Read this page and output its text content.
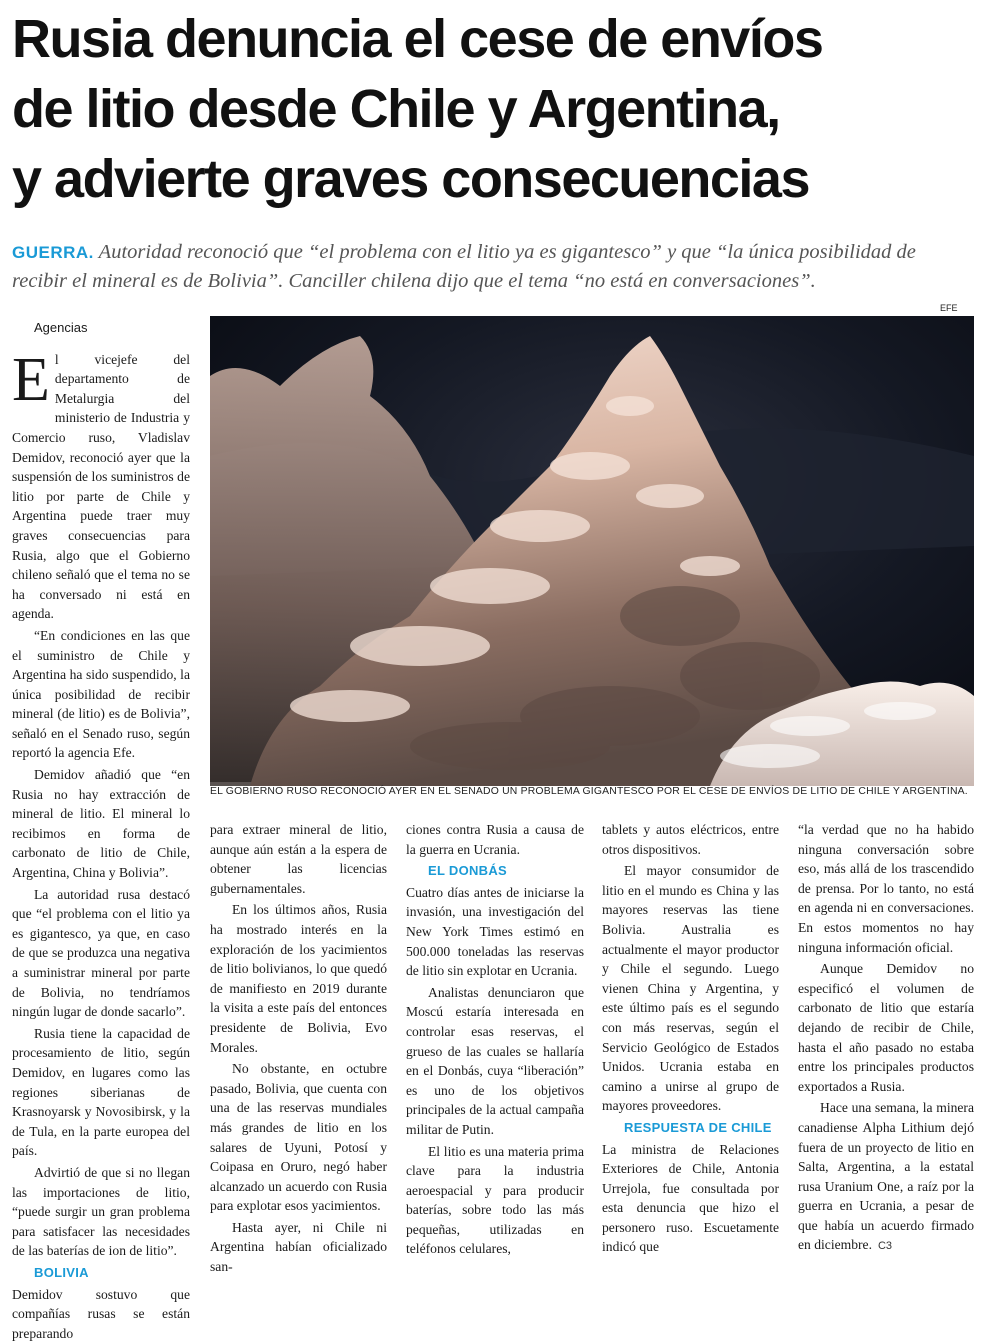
Rusia denuncia el cese de envíos
de litio desde Chile y Argentina,
y advierte graves consecuencias
GUERRA. Autoridad reconoció que “el problema con el litio ya es gigantesco” y que “la única posibilidad de recibir el mineral es de Bolivia”. Canciller chilena dijo que el tema “no está en conversaciones”.
EFE
EL GOBIERNO RUSO RECONOCIÓ AYER EN EL SENADO UN PROBLEMA GIGANTESCO POR EL CESE DE ENVÍOS DE LITIO DE CHILE Y ARGENTINA.

Agencias

El vicejefe del departamento de Metalurgia del ministerio de Industria y Comercio ruso, Vladislav Demidov, reconoció ayer que la suspensión de los suministros de litio por parte de Chile y Argentina puede traer muy graves consecuencias para Rusia, algo que el Gobierno chileno señaló que el tema no se ha conversado ni está en agenda.

“En condiciones en las que el suministro de Chile y Argentina ha sido suspendido, la única posibilidad de recibir mineral (de litio) es de Bolivia”, señaló en el Senado ruso, según reportó la agencia Efe.

Demidov añadió que “en Rusia no hay extracción de mineral de litio. El mineral lo recibimos en forma de carbonato de litio de Chile, Argentina, China y Bolivia”.

La autoridad rusa destacó que “el problema con el litio ya es gigantesco, ya que, en caso de que se produzca una negativa a suministrar mineral por parte de Bolivia, no tendríamos ningún lugar de donde sacarlo”.

Rusia tiene la capacidad de procesamiento de litio, según Demidov, en lugares como las regiones siberianas de Krasnoyarsk y Novosibirsk, y la de Tula, en la parte europea del país.

Advirtió de que si no llegan las importaciones de litio, “puede surgir un gran problema para satisfacer las necesidades de las baterías de ion de litio”.

BOLIVIA

Demidov sostuvo que compañías rusas se están preparando

para extraer mineral de litio, aunque aún están a la espera de obtener las licencias gubernamentales.

En los últimos años, Rusia ha mostrado interés en la exploración de los yacimientos de litio bolivianos, lo que quedó de manifiesto en 2019 durante la visita a este país del entonces presidente de Bolivia, Evo Morales.

No obstante, en octubre pasado, Bolivia, que cuenta con una de las reservas mundiales más grandes de litio en los salares de Uyuni, Potosí y Coipasa en Oruro, negó haber alcanzado un acuerdo con Rusia para explotar esos yacimientos.

Hasta ayer, ni Chile ni Argentina habían oficializado san-

ciones contra Rusia a causa de la guerra en Ucrania.

EL DONBÁS

Cuatro días antes de iniciarse la invasión, una investigación del New York Times estimó en 500.000 toneladas las reservas de litio sin explotar en Ucrania.

Analistas denunciaron que Moscú estaría interesada en controlar esas reservas, el grueso de las cuales se hallaría en el Donbás, cuya “liberación” es uno de los objetivos principales de la actual campaña militar de Putin.

El litio es una materia prima clave para la industria aeroespacial y para producir baterías, sobre todo las más pequeñas, utilizadas en teléfonos celulares,

tablets y autos eléctricos, entre otros dispositivos.

El mayor consumidor de litio en el mundo es China y las mayores reservas las tiene Bolivia. Australia es actualmente el mayor productor y Chile el segundo. Luego vienen China y Argentina, y este último país es el segundo con más reservas, según el Servicio Geológico de Estados Unidos. Ucrania estaba en camino a unirse al grupo de mayores proveedores.

RESPUESTA DE CHILE

La ministra de Relaciones Exteriores de Chile, Antonia Urrejola, fue consultada por esta denuncia que hizo el personero ruso. Escuetamente indicó que

“la verdad que no ha habido ninguna conversación sobre eso, más allá de los trascendido de prensa. Por lo tanto, no está en agenda ni en conversaciones. En estos momentos no hay ninguna información oficial.

Aunque Demidov no especificó el volumen de carbonato de litio que estaría dejando de recibir de Chile, hasta el año pasado no estaba entre los principales productos exportados a Rusia.

Hace una semana, la minera canadiense Alpha Lithium dejó fuera de un proyecto de litio en Salta, Argentina, a la estatal rusa Uranium One, a raíz por la guerra en Ucrania, a pesar de que había un acuerdo firmado en diciembre. C3
